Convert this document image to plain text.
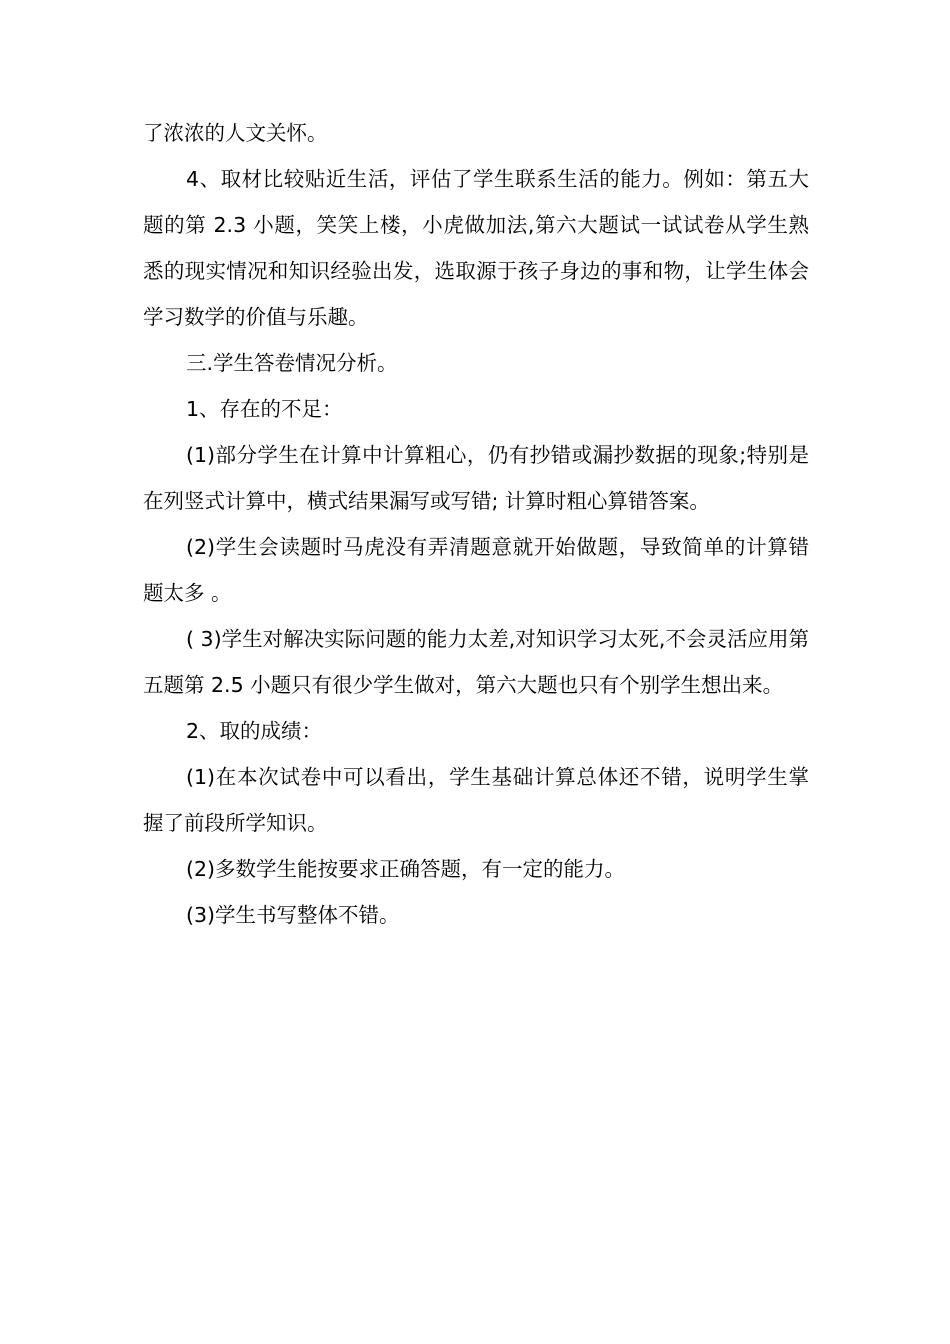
了浓浓的人文关怀。

4、取材比较贴近生活，评估了学生联系生活的能力。例如：第五大题的第 2.3 小题，笑笑上楼，小虎做加法,第六大题试一试试卷从学生熟悉的现实情况和知识经验出发，选取源于孩子身边的事和物，让学生体会学习数学的价值与乐趣。

三.学生答卷情况分析。

1、存在的不足：

(1)部分学生在计算中计算粗心，仍有抄错或漏抄数据的现象;特别是在列竖式计算中，横式结果漏写或写错; 计算时粗心算错答案。

(2)学生会读题时马虎没有弄清题意就开始做题，导致简单的计算错题太多 。

( 3)学生对解决实际问题的能力太差,对知识学习太死,不会灵活应用第五题第 2.5 小题只有很少学生做对，第六大题也只有个别学生想出来。

2、取的成绩：

(1)在本次试卷中可以看出，学生基础计算总体还不错，说明学生掌握了前段所学知识。

(2)多数学生能按要求正确答题，有一定的能力。

(3)学生书写整体不错。
